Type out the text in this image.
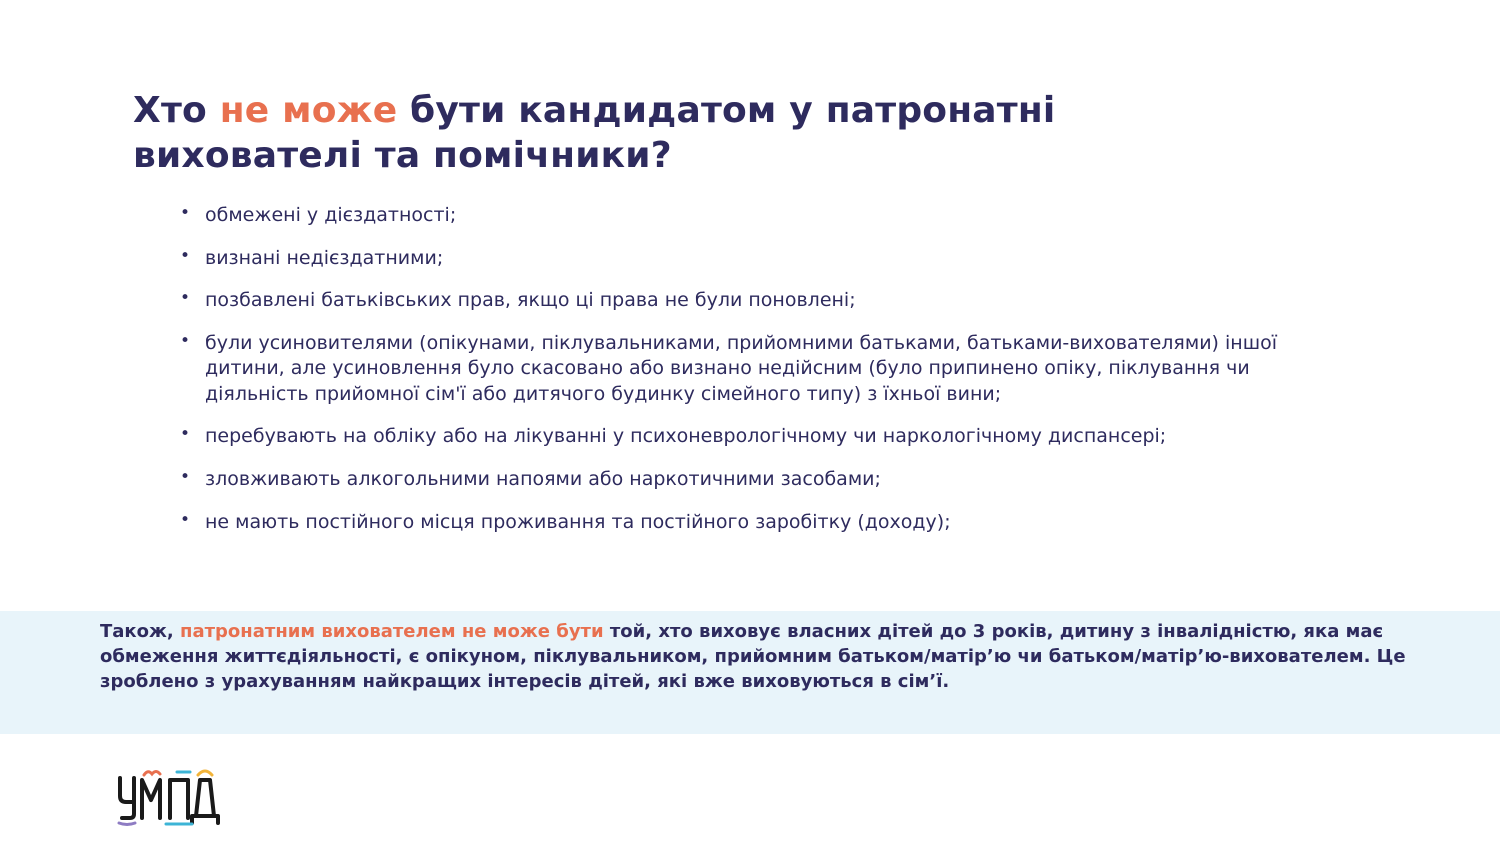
Хто не може бути кандидатом у патронатні вихователі та помічники?
• обмежені у дієздатності;
• визнані недієздатними;
• позбавлені батьківських прав, якщо ці права не були поновлені;
• були усиновителями (опікунами, піклувальниками, прийомними батьками, батьками-вихователями) іншої дитини, але усиновлення було скасовано або визнано недійсним (було припинено опіку, піклування чи діяльність прийомної сім'ї або дитячого будинку сімейного типу) з їхньої вини;
• перебувають на обліку або на лікуванні у психоневрологічному чи наркологічному диспансері;
• зловживають алкогольними напоями або наркотичними засобами;
• не мають постійного місця проживання та постійного заробітку (доходу);

Також, патронатним вихователем не може бути той, хто виховує власних дітей до 3 років, дитину з інвалідністю, яка має обмеження життєдіяльності, є опікуном, піклувальником, прийомним батьком/матір’ю чи батьком/матір’ю-вихователем. Це зроблено з урахуванням найкращих інтересів дітей, які вже виховуються в сім’ї.
